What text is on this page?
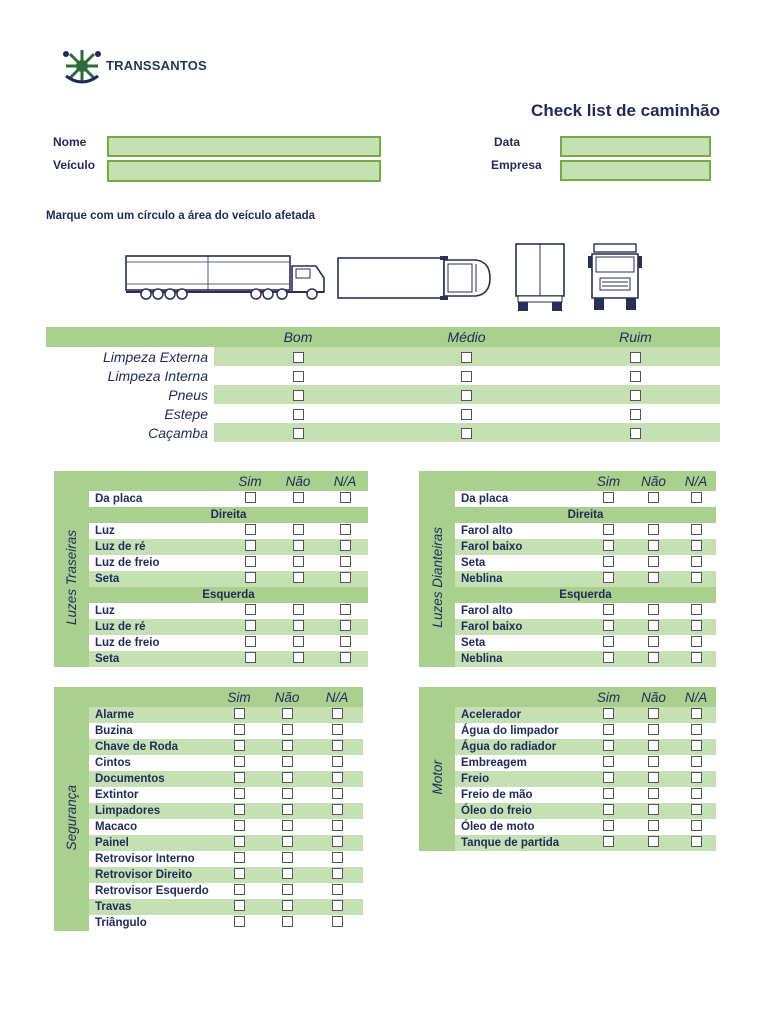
TRANSSANTOS
Check list de caminhão
Nome
Veículo
Data
Empresa
Marque com um círculo a área do veículo afetada
	Bom	Médio	Ruim
Limpeza Externa			
Limpeza Interna			
Pneus			
Estepe			
Caçamba			
		Sim	Não	N/A
Luzes Traseiras	Da placa			
	Direita			
	Luz			
	Luz de ré			
	Luz de freio			
	Seta			
	Esquerda			
	Luz			
	Luz de ré			
	Luz de freio			
	Seta			
		Sim	Não	N/A
Luzes Dianteiras	Da placa			
	Direita			
	Farol alto			
	Farol baixo			
	Seta			
	Neblina			
	Esquerda			
	Farol alto			
	Farol baixo			
	Seta			
	Neblina			
		Sim	Não	N/A
Segurança	Alarme			
	Buzina			
	Chave de Roda			
	Cintos			
	Documentos			
	Extintor			
	Limpadores			
	Macaco			
	Painel			
	Retrovisor Interno			
	Retrovisor Direito			
	Retrovisor Esquerdo			
	Travas			
	Triângulo			
		Sim	Não	N/A
Motor	Acelerador			
	Água do limpador			
	Água do radiador			
	Embreagem			
	Freio			
	Freio de mão			
	Óleo do freio			
	Óleo de moto			
	Tanque de partida			
